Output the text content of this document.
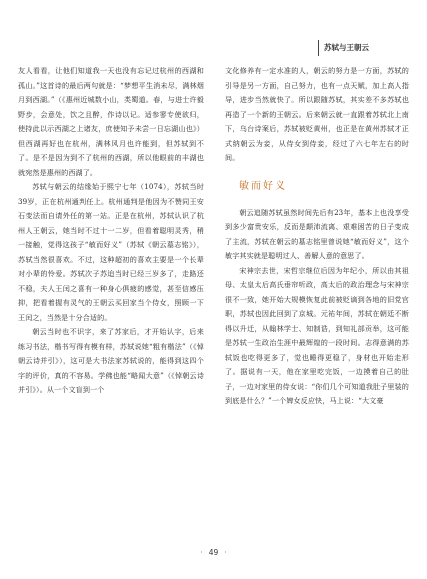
苏轼与王朝云

友人看看，让他们知道我一天也没有忘记过杭州的西湖和孤山。”这首诗的最后两句就是：“梦想平生消未尽，满林烟月到西湖。”（《惠州近城数小山，类蜀道。春，与进士许毅野步，会意处，饮之且醉，作诗以记。适参寥专使欲归，使持此以示西湖之上诸友，庶使知予未尝一日忘湖山也》）但西湖再好也在杭州，满林风月也许能到，但苏轼到不了。是不是因为到不了杭州的西湖，所以他眼前的丰湖也就宛然是惠州的西湖了。

苏轼与朝云的结缘始于熙宁七年（1074），苏轼当时39岁，正在杭州通判任上。杭州通判是他因为不赞同王安石变法而自请外任的第一站。正是在杭州，苏轼认识了杭州人王朝云，她当时不过十一二岁，但看着聪明灵秀，稍一接触，觉得这孩子“敏而好义”（苏轼《朝云墓志铭》），苏轼当然很喜欢。不过，这种超初的喜欢主要是一个长辈对小辈的怜爱。苏轼次子苏迨当时已经三岁多了，走路还不稳，夫人王闰之喜有一种身心俱疲的感觉，甚至信感压抑，把看着握有灵气的王朝云买回家当个侍女，照顾一下王闰之，当然是十分合适的。

朝云当时也不识字，来了苏家后，才开始认字，后来练习书法，楷书写得有模有样，苏轼说她“粗有楷法”（《悼朝云诗并引》），这可是大书法家苏轼说的，能得到这四个字的评价，真的不容易。学佛也能“略闻大意”（《悼朝云诗并引》）。从一个文盲到一个

文化修养有一定水准的人，朝云的努力是一方面，苏轼的引导是另一方面，自己努力，也有一点天赋，加上高人指导，进步当然就快了。所以跟随苏轼，其实差不多苏轼也再造了一个新的王朝云。后来朝云就一直跟着苏轼北上南下，乌台诗案后，苏轼被贬黄州，也正是在黄州苏轼才正式纳朝云为妾，从侍女到侍妾，经过了六七年左右的时间。

敏而好义

朝云追随苏轼虽然时间先后有23年，基本上也没享受到多少富贵安乐，反而是颠沛流离、艰难困苦的日子变成了主流，苏轼在朝云的墓志铭里曾说她“敏而好义”，这个敏字其实就是聪明过人、善解人意的意思了。

宋神宗去世，宋哲宗继位后因为年纪小，所以由其祖母、太皇太后高氏垂帘听政，高太后的政治理念与宋神宗很不一致，她开始大规模恢复此前被贬谪到各地的旧党官职，苏轼也因此回到了京城。元祐年间，苏轼在朝廷不断得以升迁，从翰林学士、知制诰，到知礼部贡举，这可能是苏轼一生政治生涯中最辉煌的一段时间。志得意满的苏轼饭也吃得更多了，觉也睡得更稳了，身材也开始走形了。据说有一天，他在家里吃完饭，一边摸着自己的肚子，一边对家里的侍女说：“你们几个可知道我肚子里装的到底是什么？”一个婢女反应快，马上说：“大文豪

· 49 ·
